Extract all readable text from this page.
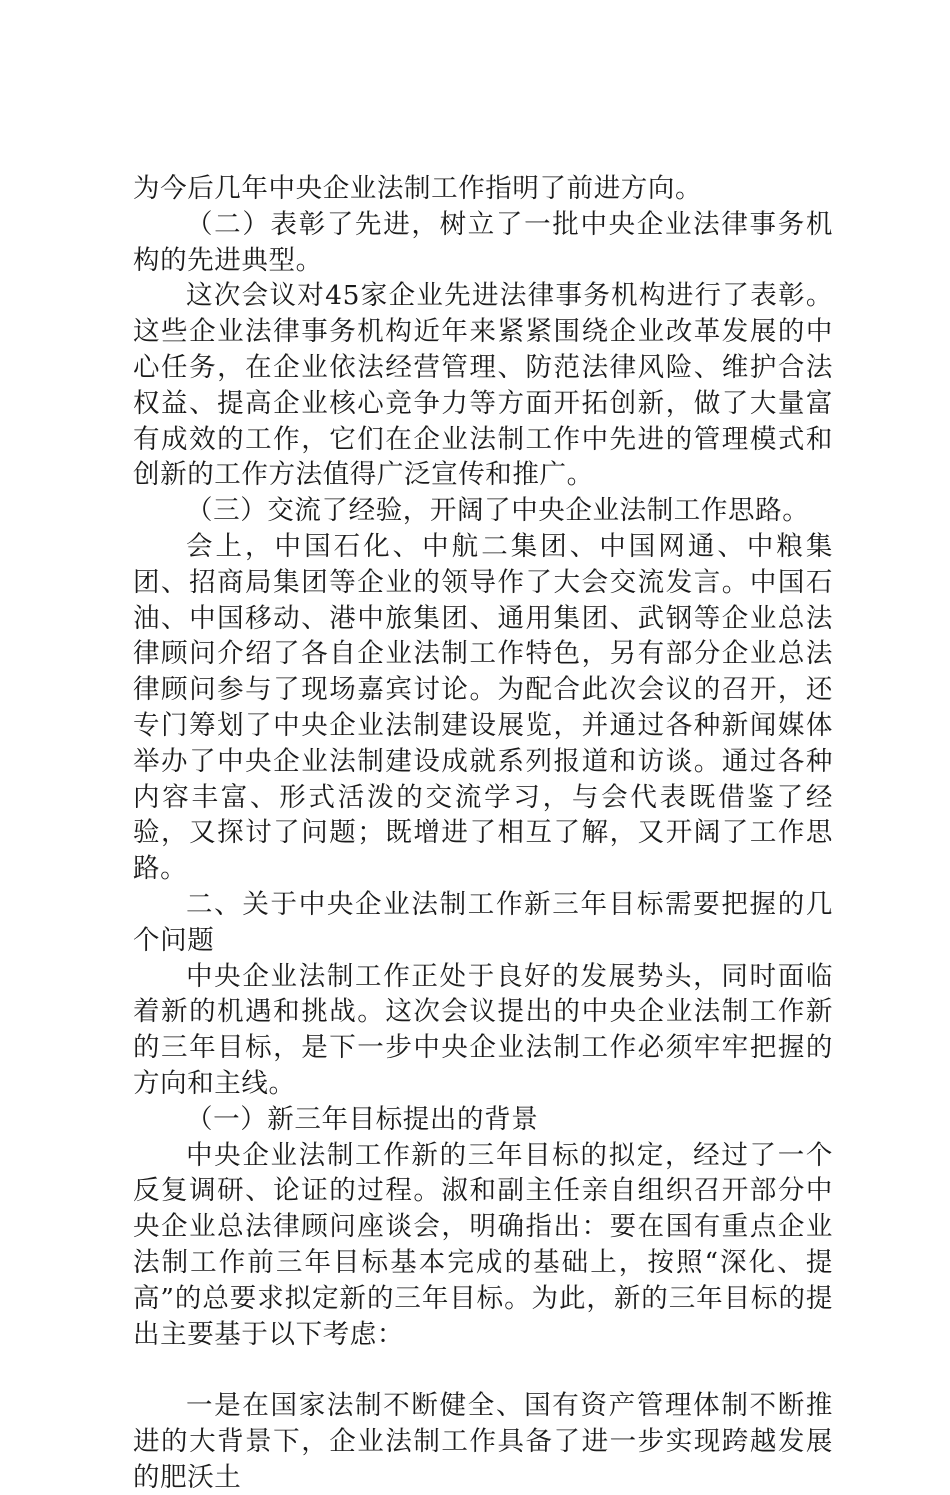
为今后几年中央企业法制工作指明了前进方向。

（二）表彰了先进，树立了一批中央企业法律事务机构的先进典型。

这次会议对45家企业先进法律事务机构进行了表彰。这些企业法律事务机构近年来紧紧围绕企业改革发展的中心任务，在企业依法经营管理、防范法律风险、维护合法权益、提高企业核心竞争力等方面开拓创新，做了大量富有成效的工作，它们在企业法制工作中先进的管理模式和创新的工作方法值得广泛宣传和推广。

（三）交流了经验，开阔了中央企业法制工作思路。

会上，中国石化、中航二集团、中国网通、中粮集团、招商局集团等企业的领导作了大会交流发言。中国石油、中国移动、港中旅集团、通用集团、武钢等企业总法律顾问介绍了各自企业法制工作特色，另有部分企业总法律顾问参与了现场嘉宾讨论。为配合此次会议的召开，还专门筹划了中央企业法制建设展览，并通过各种新闻媒体举办了中央企业法制建设成就系列报道和访谈。通过各种内容丰富、形式活泼的交流学习，与会代表既借鉴了经验，又探讨了问题；既增进了相互了解，又开阔了工作思路。

二、关于中央企业法制工作新三年目标需要把握的几个问题

中央企业法制工作正处于良好的发展势头，同时面临着新的机遇和挑战。这次会议提出的中央企业法制工作新的三年目标，是下一步中央企业法制工作必须牢牢把握的方向和主线。

（一）新三年目标提出的背景

中央企业法制工作新的三年目标的拟定，经过了一个反复调研、论证的过程。淑和副主任亲自组织召开部分中央企业总法律顾问座谈会，明确指出：要在国有重点企业法制工作前三年目标基本完成的基础上，按照“深化、提高”的总要求拟定新的三年目标。为此，新的三年目标的提出主要基于以下考虑：

一是在国家法制不断健全、国有资产管理体制不断推进的大背景下，企业法制工作具备了进一步实现跨越发展的肥沃土
